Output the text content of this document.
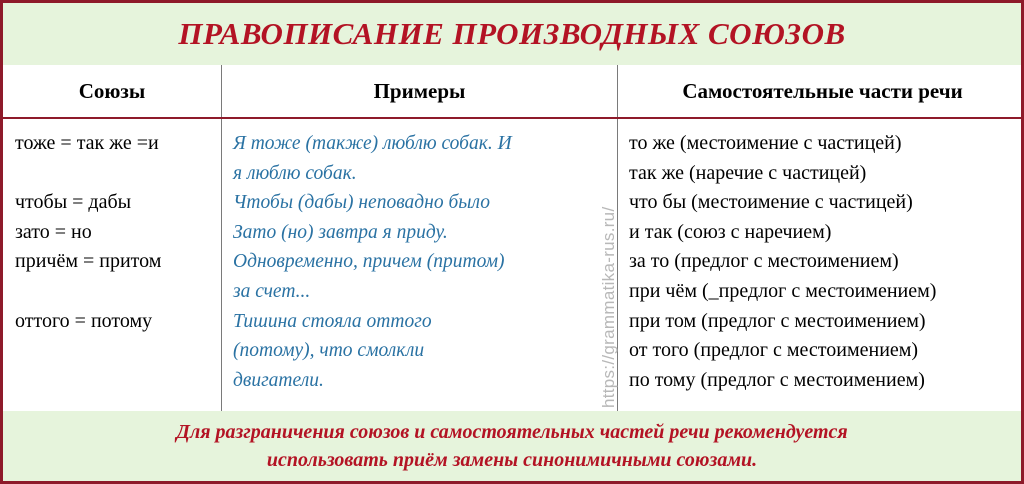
ПРАВОПИСАНИЕ ПРОИЗВОДНЫХ СОЮЗОВ
Союзы	Примеры	Самостоятельные части речи
тоже = так же =и

чтобы = дабы
зато = но
причём = притом

оттого = потому
Я тоже (также) люблю собак. И
я люблю собак.
Чтобы (дабы) неповадно было
Зато (но) завтра я приду.
Одновременно, причем (притом)
за счет...
Тишина стояла оттого
(потому), что смолкли
двигатели.
то же (местоимение с частицей)
так же (наречие с частицей)
что бы (местоимение с частицей)
и так (союз с наречием)
за то (предлог с местоимением)
при чём (_предлог с местоимением)
при том (предлог с местоимением)
от того (предлог с местоимением)
по тому (предлог с местоимением)
https://grammatika-rus.ru/
Для разграничения союзов и самостоятельных частей речи рекомендуется
использовать приём замены синонимичными союзами.
